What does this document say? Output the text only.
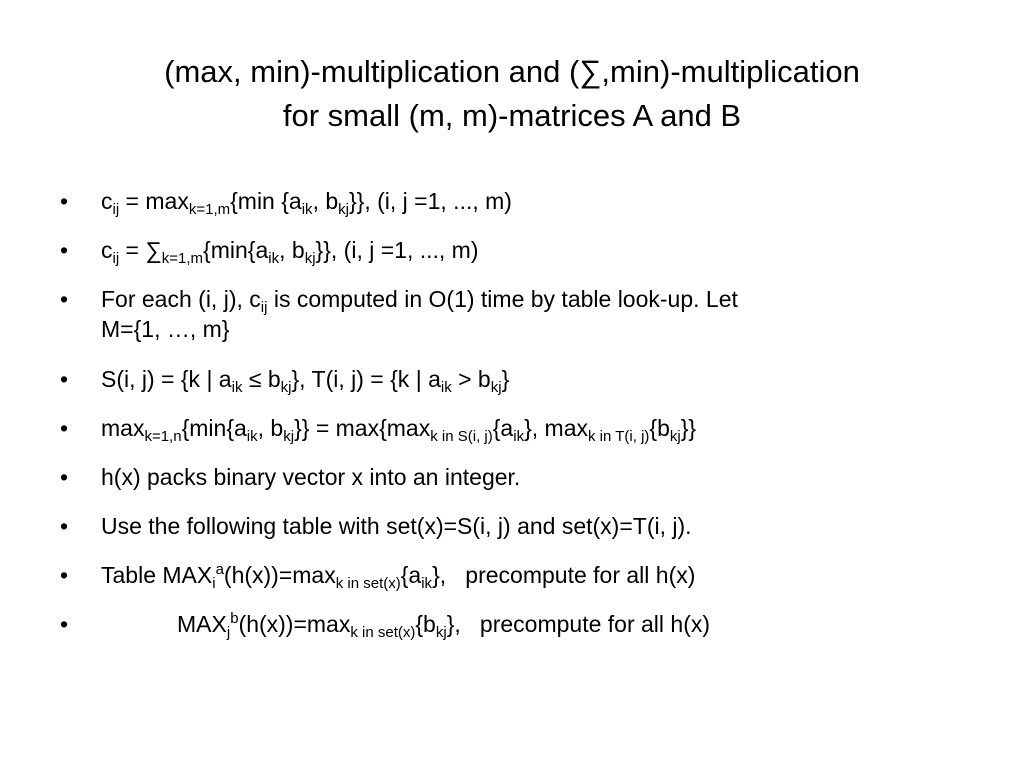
(max, min)-multiplication and (∑,min)-multiplication
for small (m, m)-matrices A and B
•	$c_{ij} = \max_{k=1,m}\{\min$ {$a_{ik}$, $b_{kj}$}}, (i, j =1, ..., m)
•	$c_{ij} = \sum_{k=1,m}\{\min\{a_{ik}$, $b_{kj}$}}, (i, j =1, ..., m)
•	For each (i, j), $c_{ij}$ is computed in O(1) time by table look-up. Let
M={1, …, m}
•	S(i, j) = {k | $a_{ik} \le b_{kj}$}, T(i, j) = {k | $a_{ik} > b_{kj}$}
•	$\max_{k=1,n}\{\min\{a_{ik}$, $b_{kj}\}\} = \max\{\max_{k in S(i, j)}\{a_{ik}\}$, $\max_{k in T(i, j)}\{b_{kj}\}$}
•	h(x) packs binary vector x into an integer.
•	Use the following table with set(x)=S(i, j) and set(x)=T(i, j).
•	Table $MAX_i^a(h(x))=\max_{k in set(x)}\{a_{ik}\}$,   precompute for all h(x)
•	$MAX_j^b(h(x))=\max_{k in set(x)}\{b_{kj}\}$,   precompute for all h(x)
